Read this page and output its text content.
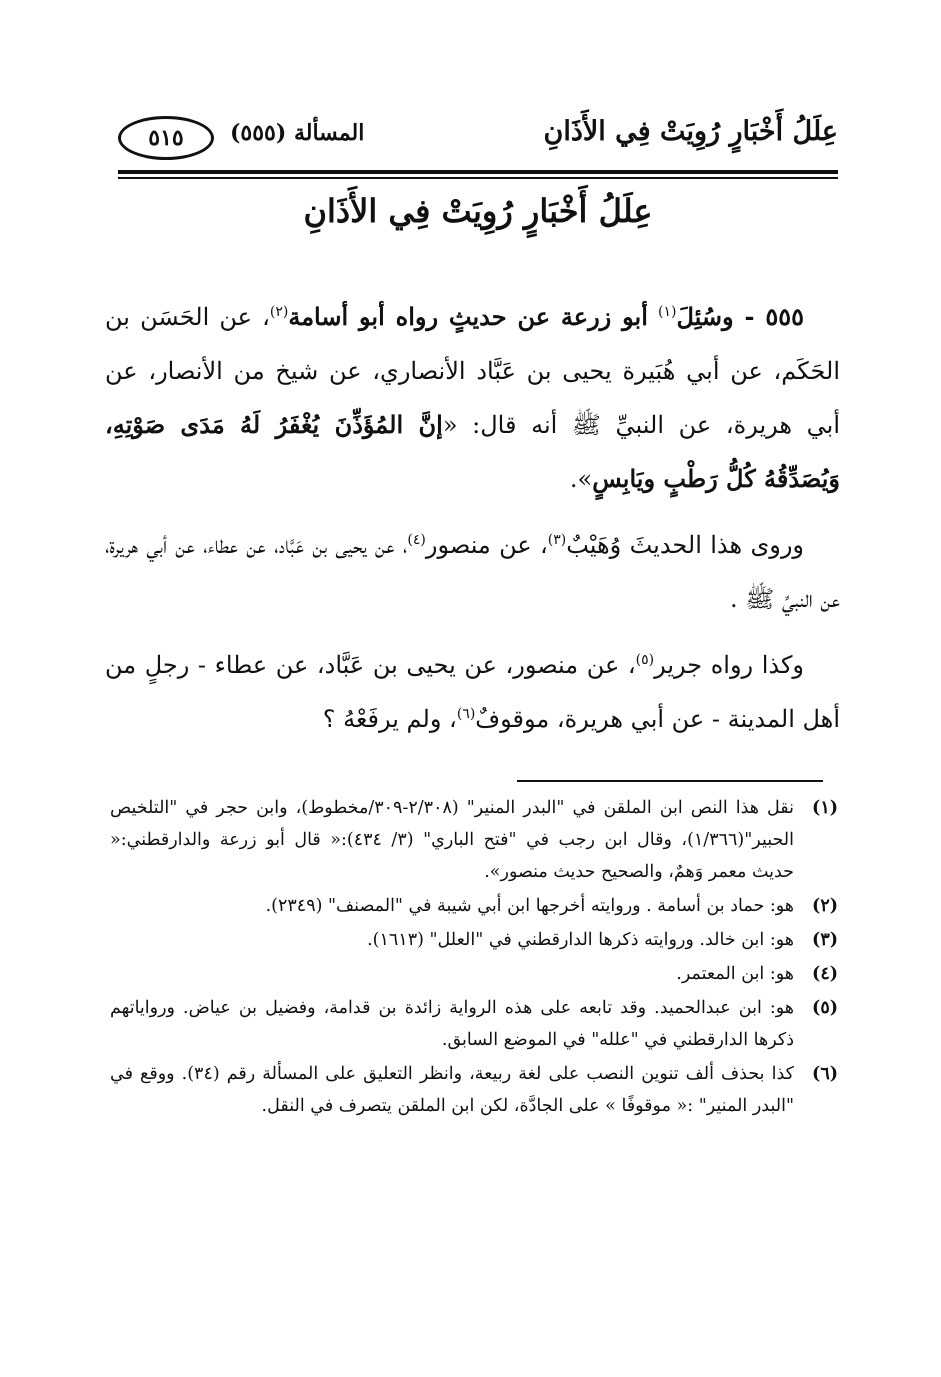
عِلَلُ أَخْبَارٍ رُوِيَتْ فِي الأَذَانِ
المسألة (٥٥٥)
٥١٥
عِلَلُ أَخْبَارٍ رُوِيَتْ فِي الأَذَانِ

٥٥٥ - وسُئِلَ$^{(١)}$ أبو زرعة عن حديثٍ رواه أبو أسامة$^{(٢)}$، عن الحَسَن بن الحَكَم، عن أبي هُبَيرة يحيى بن عَبَّاد الأنصاري، عن شيخ من الأنصار، عن أبي هريرة، عن النبيِّ ﷺ أنه قال: «إنَّ المُؤَذِّنَ يُغْفَرُ لَهُ مَدَى صَوْتِهِ، وَيُصَدِّقُهُ كُلُّ رَطْبٍ ويَابِسٍ».

وروى هذا الحديثَ وُهَيْبٌ$^{(٣)}$، عن منصور$^{(٤)}$، عن يحيى بن عَبَّاد، عن عطاء، عن أبي هريرة، عن النبيِّ ﷺ .

وكذا رواه جرير$^{(٥)}$، عن منصور، عن يحيى بن عَبَّاد، عن عطاء - رجلٍ من أهل المدينة - عن أبي هريرة، موقوفٌ$^{(٦)}$، ولم يرفَعْهُ ؟

(١)
نقل هذا النص ابن الملقن في "البدر المنير" (٢/٣٠٨-٣٠٩/مخطوط)، وابن حجر في "التلخيص الحبير"(١/٣٦٦)، وقال ابن رجب في "فتح الباري" (٣/ ٤٣٤):« قال أبو زرعة والدارقطني:« حديث معمر وَهمٌ، والصحيح حديث منصور».
(٢)
هو: حماد بن أسامة . وروايته أخرجها ابن أبي شيبة في "المصنف" (٢٣٤٩).
(٣)
هو: ابن خالد. وروايته ذكرها الدارقطني في "العلل" (١٦١٣).
(٤)
هو: ابن المعتمر.
(٥)
هو: ابن عبدالحميد. وقد تابعه على هذه الرواية زائدة بن قدامة، وفضيل بن عياض. ورواياتهم ذكرها الدارقطني في "علله" في الموضع السابق.
(٦)
كذا بحذف ألف تنوين النصب على لغة ربيعة، وانظر التعليق على المسألة رقم (٣٤). ووقع في "البدر المنير" :« موقوفًا » على الجادَّة، لكن ابن الملقن يتصرف في النقل.
